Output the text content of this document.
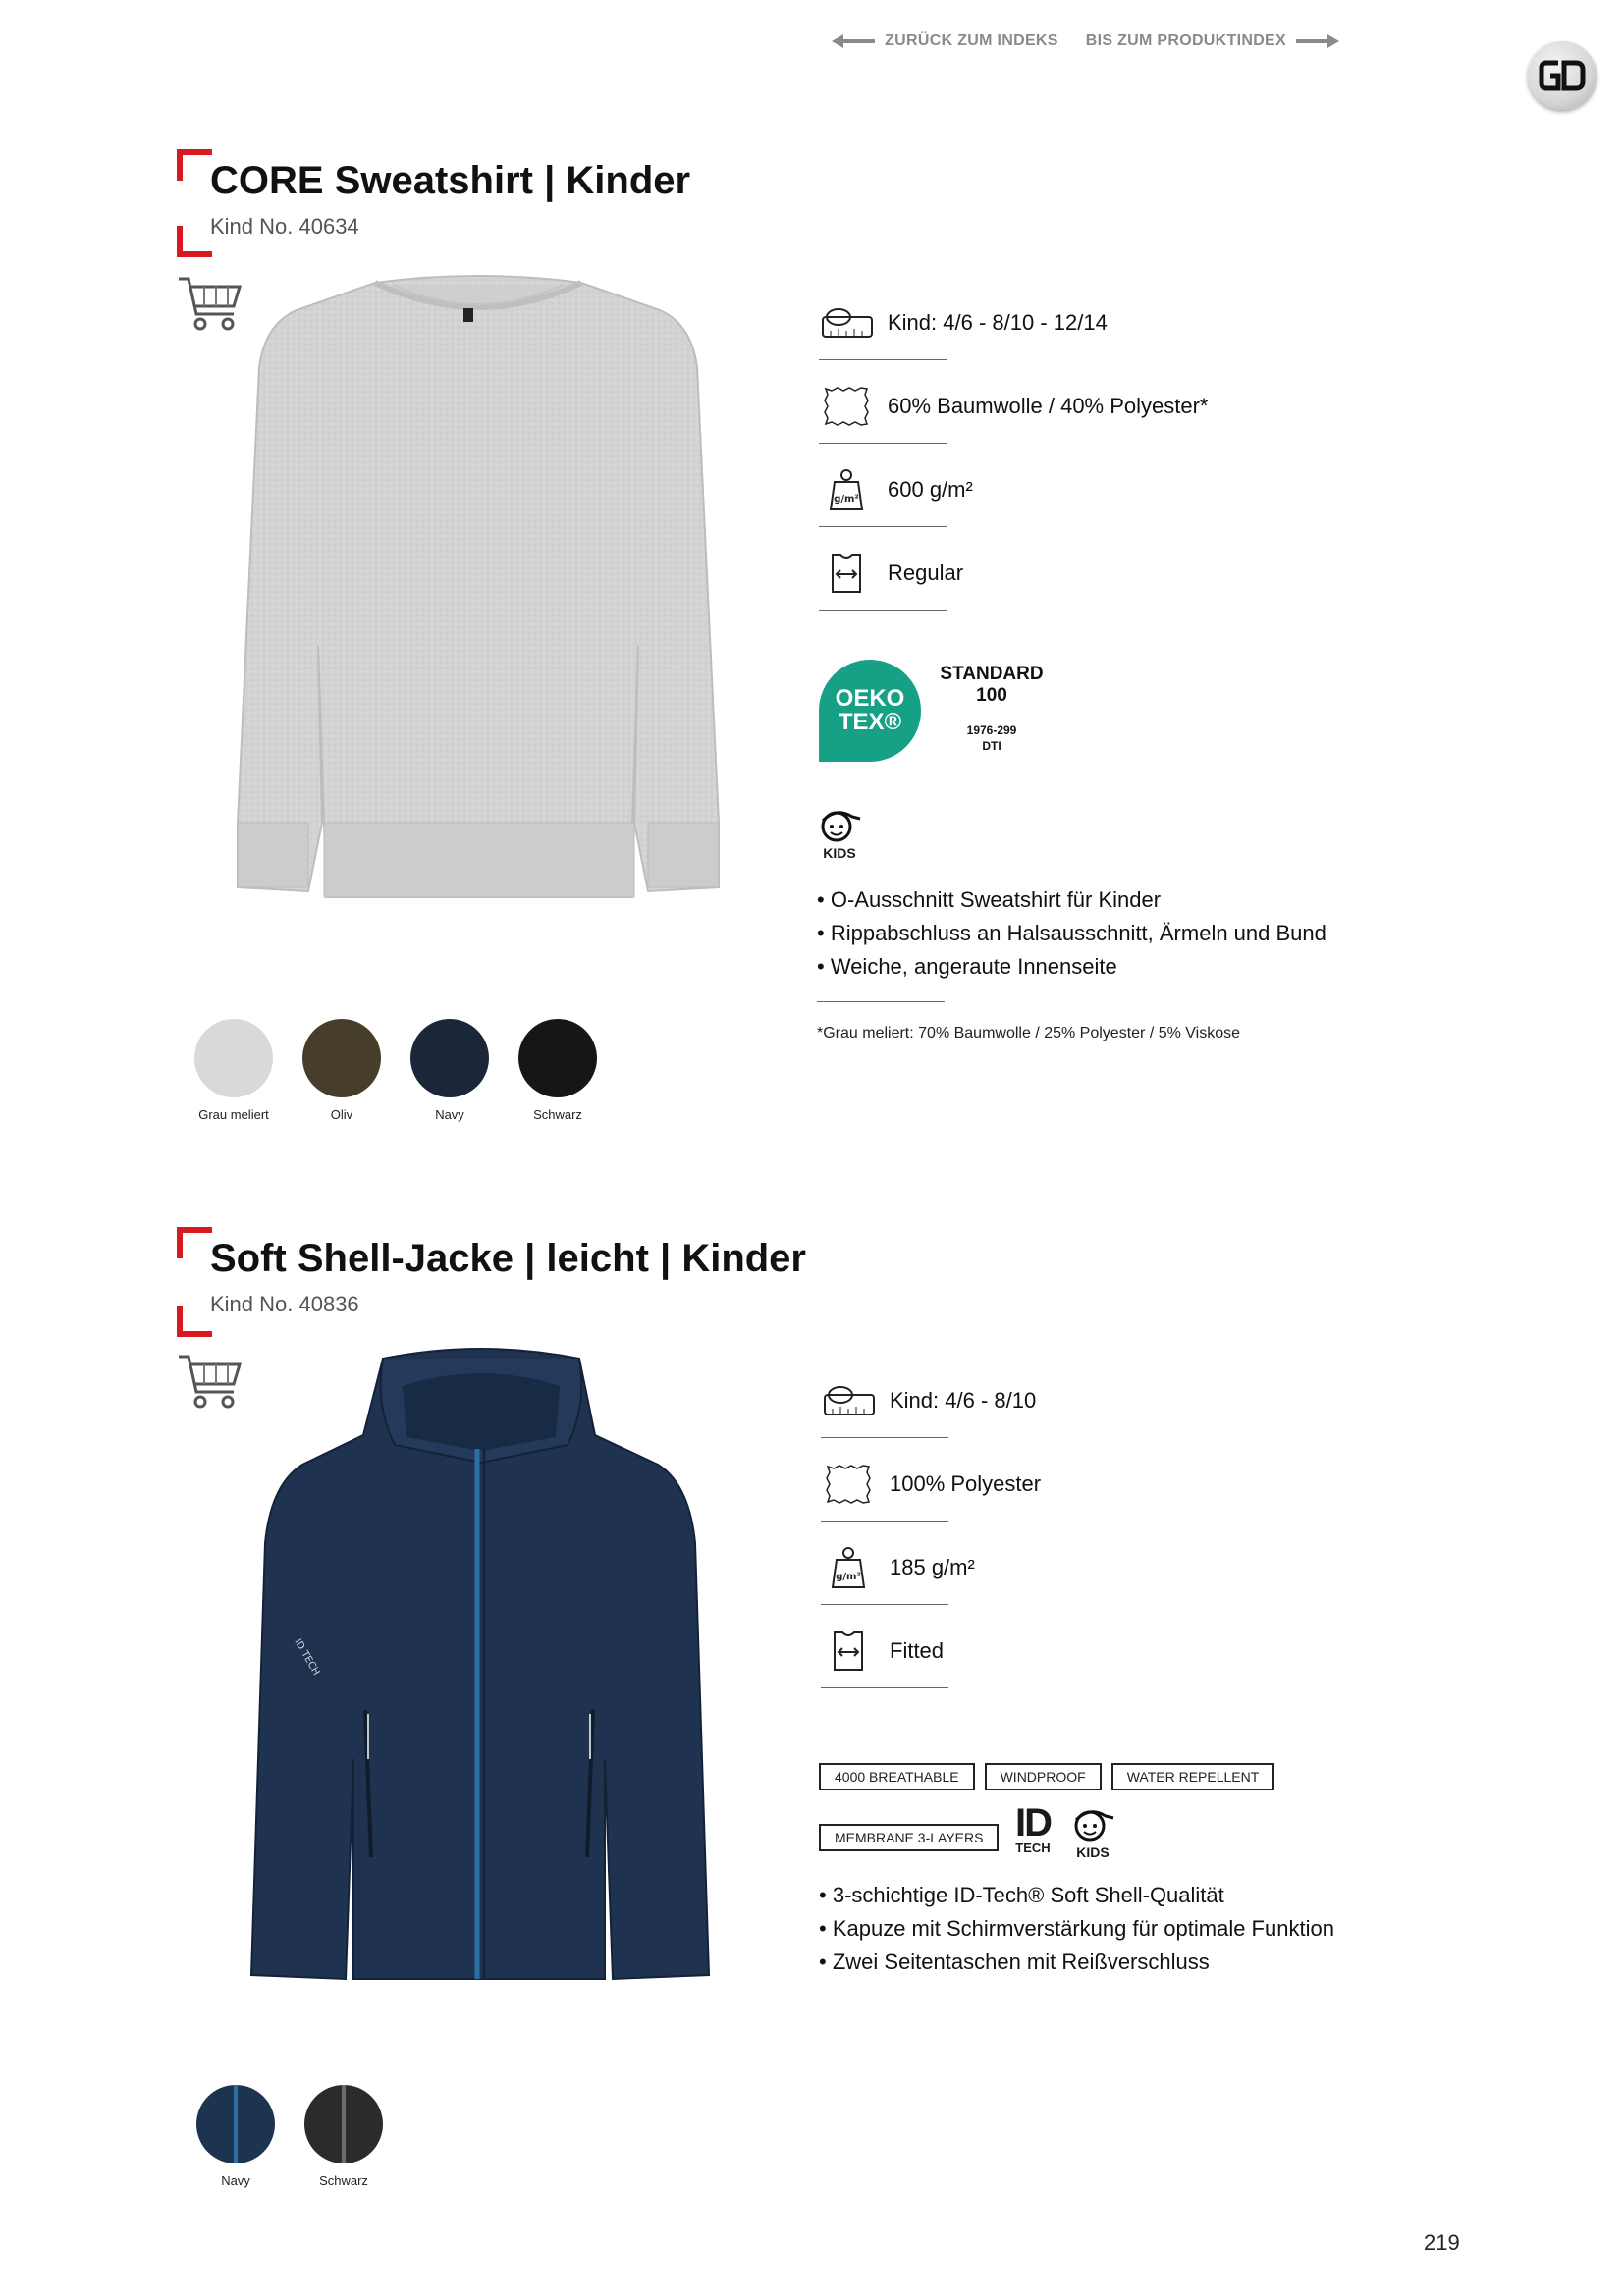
ZURÜCK ZUM INDEKS BIS ZUM PRODUKTINDEX
CORE Sweatshirt | Kinder
Kind No. 40634
Kind: 4/6 - 8/10 - 12/14
60% Baumwolle / 40% Polyester*
g/m² 600 g/m²
Regular
OEKO
TEX®
STANDARD
100
1976-299
DTI
KIDS
• O-Ausschnitt Sweatshirt für Kinder
• Rippabschluss an Halsausschnitt, Ärmeln und Bund
• Weiche, angeraute Innenseite
*Grau meliert: 70% Baumwolle / 25% Polyester / 5% Viskose
Grau meliert	Oliv	Navy	Schwarz
Soft Shell-Jacke | leicht | Kinder
Kind No. 40836
ID TECH
Kind: 4/6 - 8/10
100% Polyester
g/m² 185 g/m²
Fitted
4000 BREATHABLE	WINDPROOF	WATER REPELLENT
MEMBRANE 3-LAYERS ID
TECH	KIDS
• 3-schichtige ID-Tech® Soft Shell-Qualität
• Kapuze mit Schirmverstärkung für optimale Funktion
• Zwei Seitentaschen mit Reißverschluss
Navy	Schwarz
219
